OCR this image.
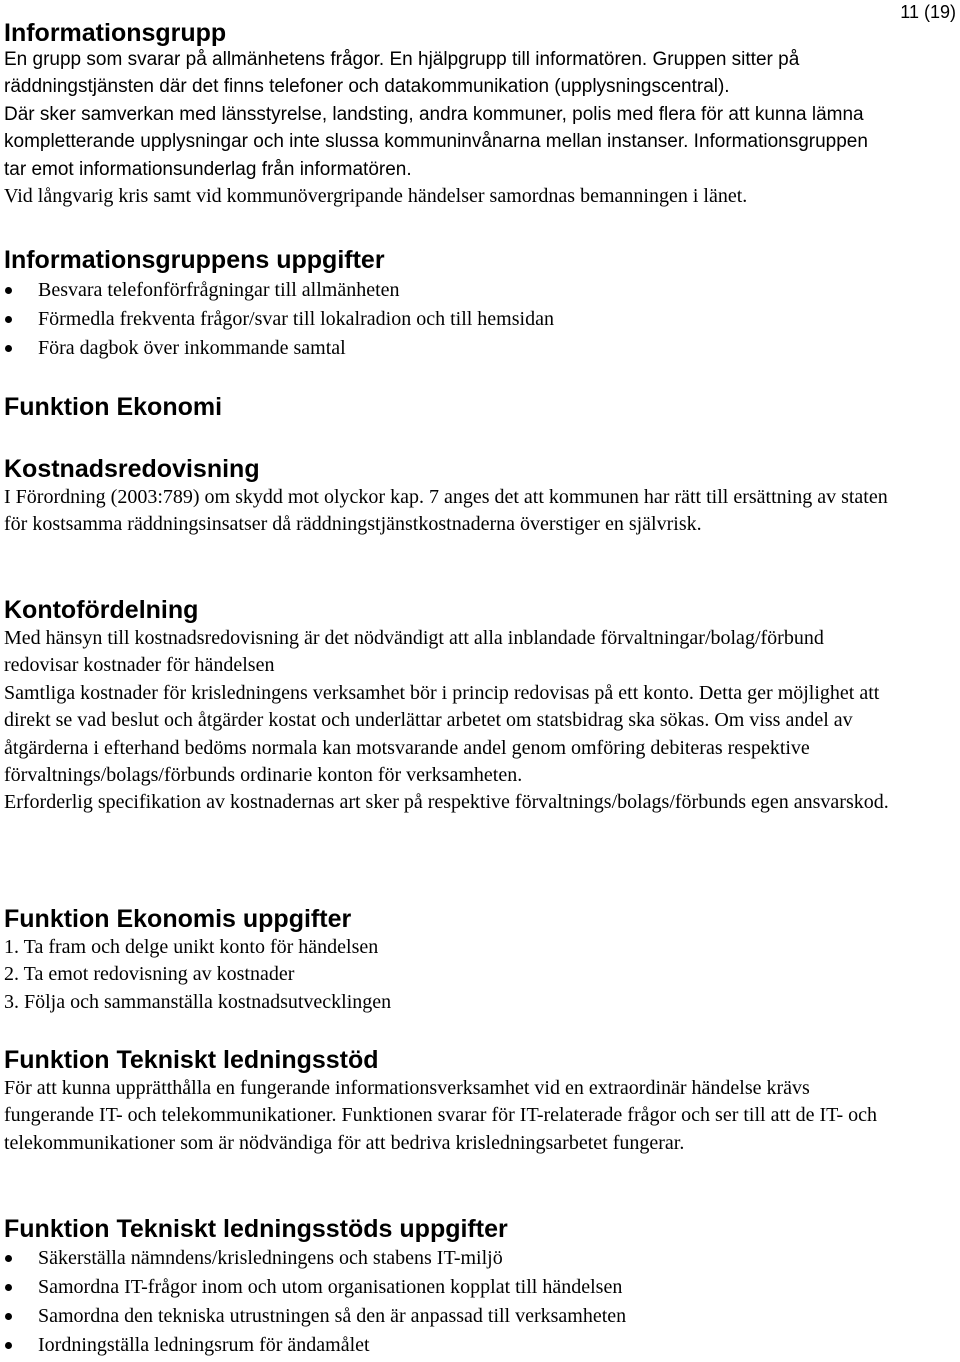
11 (19)

Informationsgrupp

En grupp som svarar på allmänhetens frågor. En hjälpgrupp till informatören. Gruppen sitter på räddningstjänsten där det finns telefoner och datakommunikation (upplysningscentral).

Där sker samverkan med länsstyrelse, landsting, andra kommuner, polis med flera för att kunna lämna kompletterande upplysningar och inte slussa kommuninvånarna mellan instanser. Informationsgruppen tar emot informationsunderlag från informatören.

Vid långvarig kris samt vid kommunövergripande händelser samordnas bemanningen i länet.

Informationsgruppens uppgifter
Besvara telefonförfrågningar till allmänheten
Förmedla frekventa frågor/svar till lokalradion och till hemsidan
Föra dagbok över inkommande samtal
Funktion Ekonomi
Kostnadsredovisning

I Förordning (2003:789) om skydd mot olyckor kap. 7 anges det att kommunen har rätt till ersättning av staten för kostsamma räddningsinsatser då räddningstjänstkostnaderna överstiger en självrisk.

Kontofördelning

Med hänsyn till kostnadsredovisning är det nödvändigt att alla inblandade förvaltningar/bolag/förbund redovisar kostnader för händelsen

Samtliga kostnader för krisledningens verksamhet bör i princip redovisas på ett konto. Detta ger möjlighet att direkt se vad beslut och åtgärder kostat och underlättar arbetet om statsbidrag ska sökas. Om viss andel av åtgärderna i efterhand bedöms normala kan motsvarande andel genom omföring debiteras respektive förvaltnings/bolags/förbunds ordinarie konton för verksamheten.

Erforderlig specifikation av kostnadernas art sker på respektive förvaltnings/bolags/förbunds egen ansvarskod.

Funktion Ekonomis uppgifter
1. Ta fram och delge unikt konto för händelsen
2. Ta emot redovisning av kostnader
3. Följa och sammanställa kostnadsutvecklingen
Funktion Tekniskt ledningsstöd

För att kunna upprätthålla en fungerande informationsverksamhet vid en extraordinär händelse krävs fungerande IT- och telekommunikationer. Funktionen svarar för IT-relaterade frågor och ser till att de IT- och telekommunikationer som är nödvändiga för att bedriva krisledningsarbetet fungerar.

Funktion Tekniskt ledningsstöds uppgifter
Säkerställa nämndens/krisledningens och stabens IT-miljö
Samordna IT-frågor inom och utom organisationen kopplat till händelsen
Samordna den tekniska utrustningen så den är anpassad till verksamheten
Iordningställa ledningsrum för ändamålet
